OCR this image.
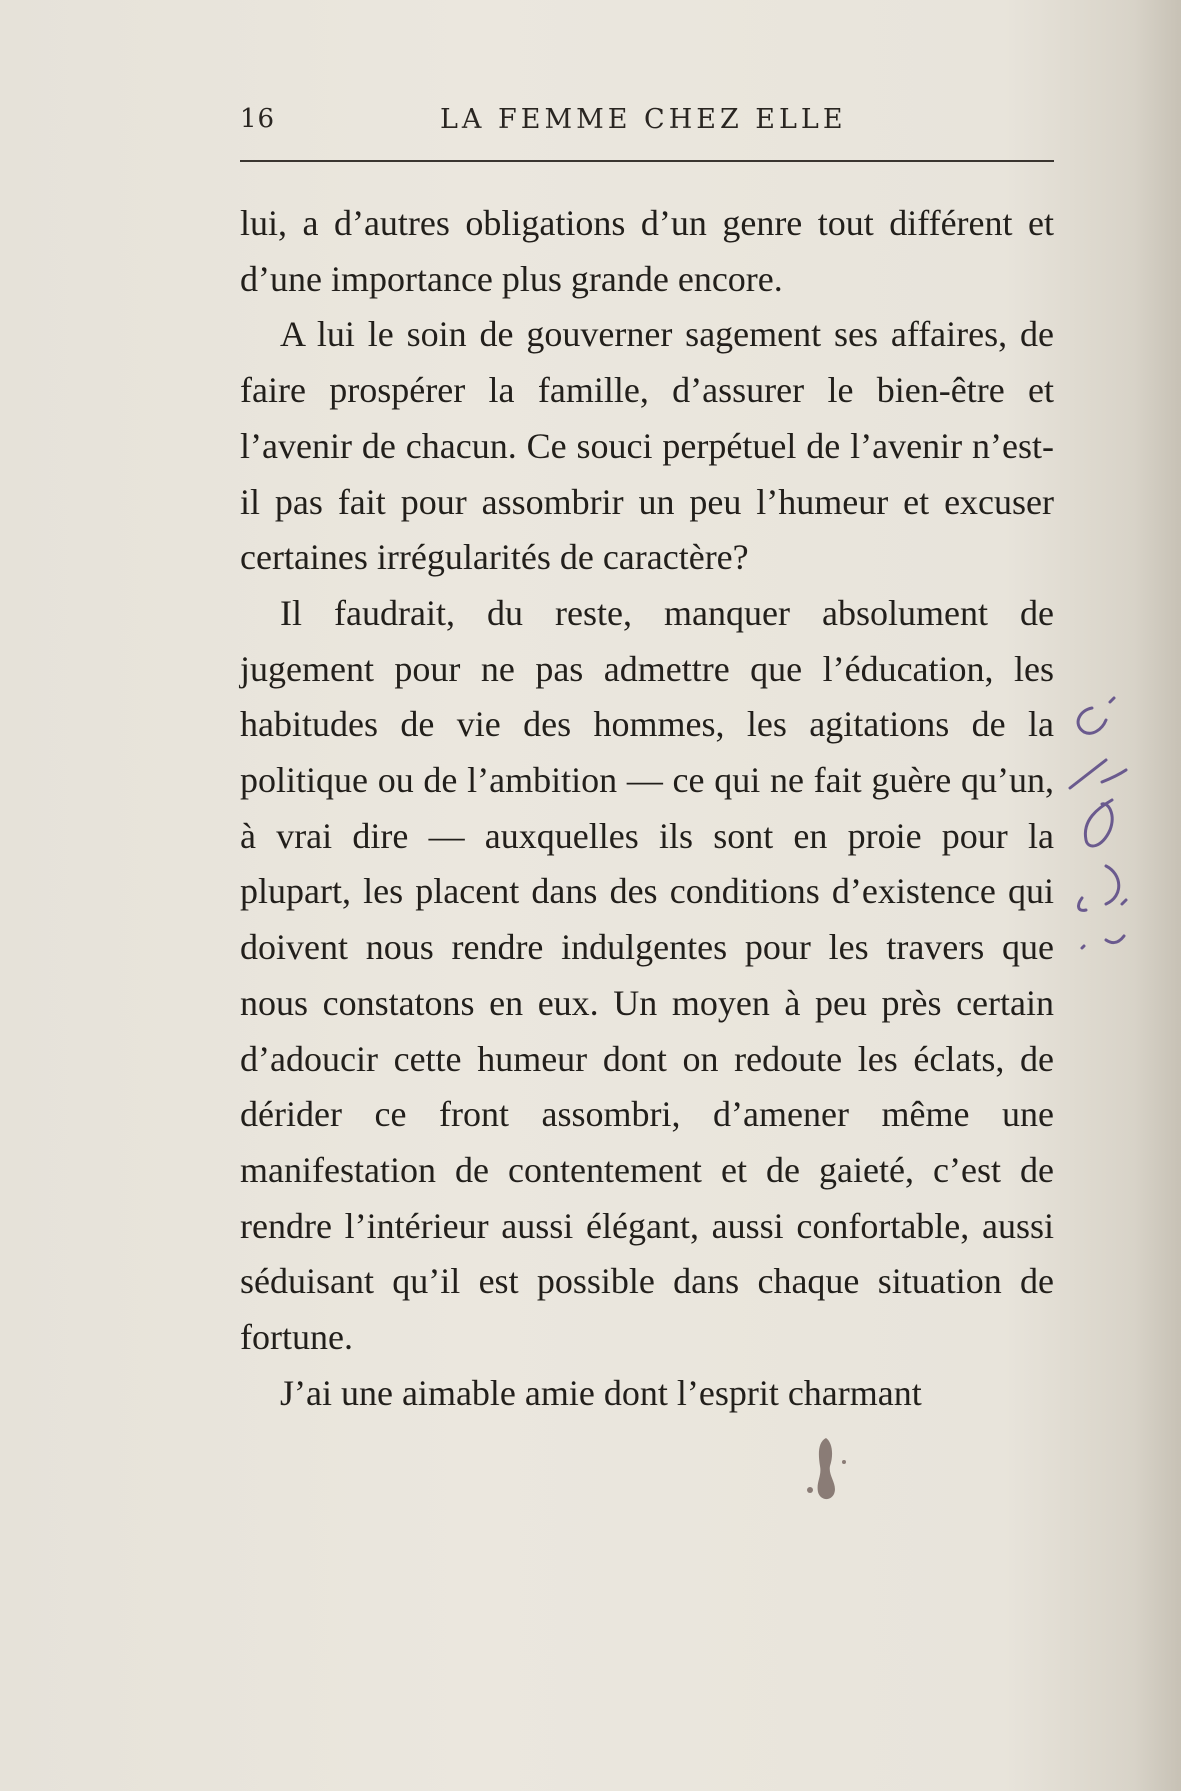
16	LA FEMME CHEZ ELLE

lui, a d’autres obligations d’un genre tout différent et d’une importance plus grande encore.

A lui le soin de gouverner sagement ses affaires, de faire prospérer la famille, d’assurer le bien-être et l’avenir de chacun. Ce souci perpétuel de l’avenir n’est-il pas fait pour assombrir un peu l’humeur et excuser certaines irrégularités de caractère?

Il faudrait, du reste, manquer absolument de jugement pour ne pas admettre que l’éducation, les habitudes de vie des hommes, les agitations de la politique ou de l’ambition — ce qui ne fait guère qu’un, à vrai dire — auxquelles ils sont en proie pour la plupart, les placent dans des conditions d’existence qui doivent nous rendre indulgentes pour les travers que nous constatons en eux. Un moyen à peu près certain d’adoucir cette humeur dont on redoute les éclats, de dérider ce front assombri, d’amener même une manifestation de contentement et de gaieté, c’est de rendre l’intérieur aussi élégant, aussi confortable, aussi séduisant qu’il est possible dans chaque situation de fortune.

J’ai une aimable amie dont l’esprit charmant
